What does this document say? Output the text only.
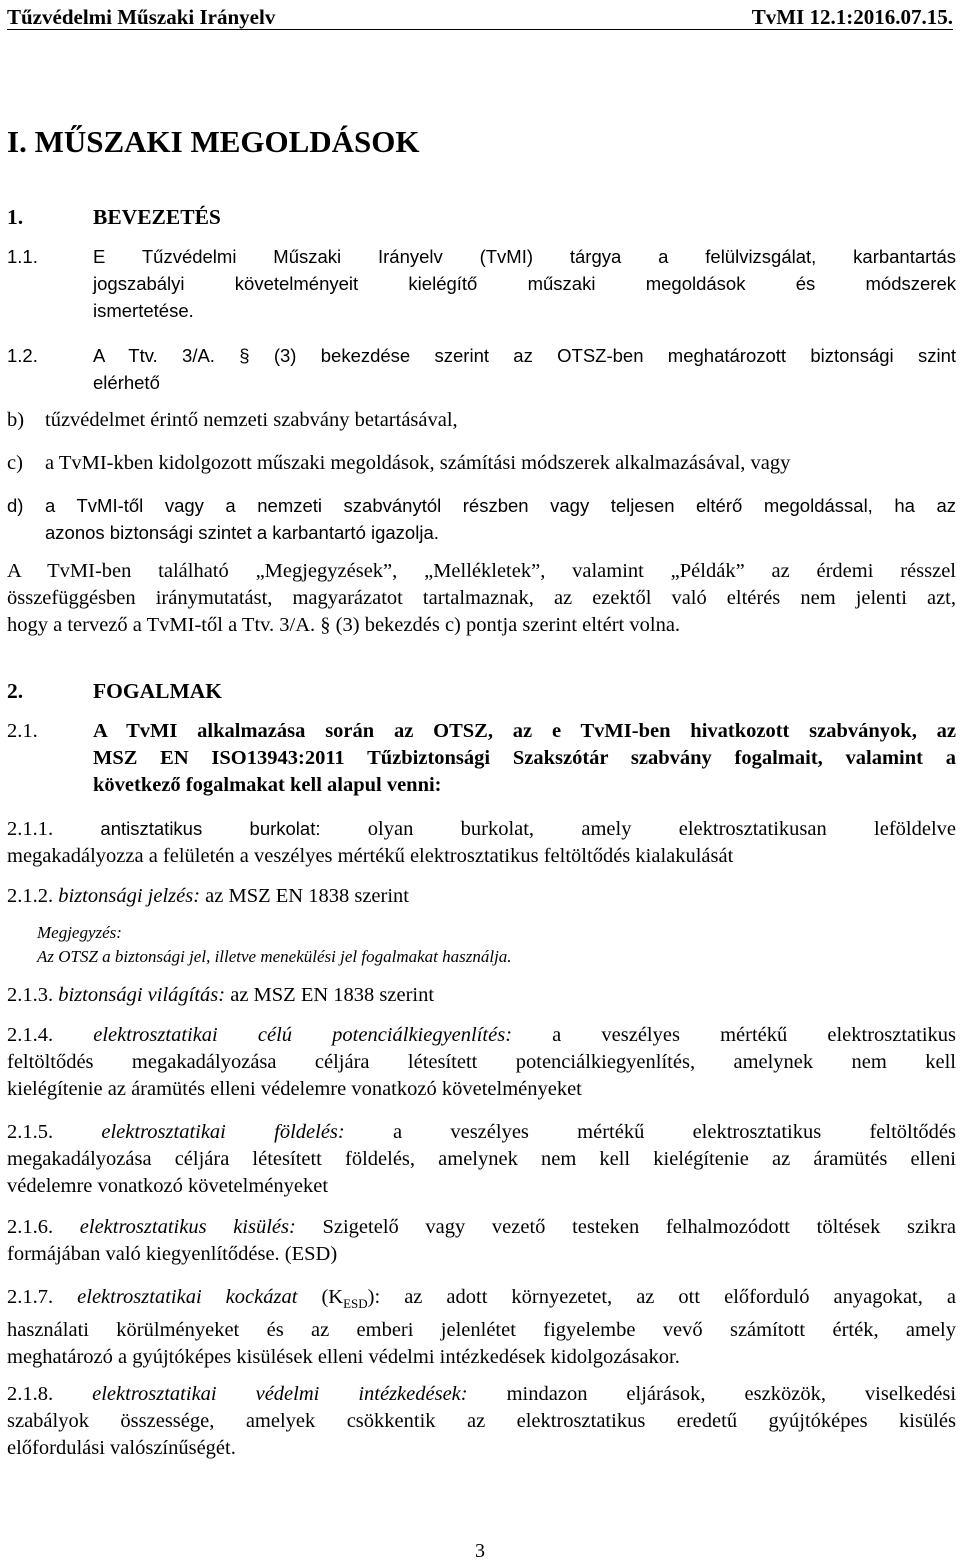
Tűzvédelmi Műszaki Irányelv	TvMI 12.1:2016.07.15.
I. MŰSZAKI MEGOLDÁSOK
1.	BEVEZETÉS
1.1.	E Tűzvédelmi Műszaki Irányelv (TvMI) tárgya a felülvizsgálat, karbantartás
jogszabályi követelményeit kielégítő műszaki megoldások és módszerek
ismertetése.
1.2.	A Ttv. 3/A. § (3) bekezdése szerint az OTSZ-ben meghatározott biztonsági szint
elérhető
b) tűzvédelmet érintő nemzeti szabvány betartásával,
c) a TvMI-kben kidolgozott műszaki megoldások, számítási módszerek alkalmazásával, vagy
d) a TvMI-től vagy a nemzeti szabványtól részben vagy teljesen eltérő megoldással, ha az
azonos biztonsági szintet a karbantartó igazolja.
A TvMI-ben található „Megjegyzések”, „Mellékletek”, valamint „Példák” az érdemi résszel
összefüggésben iránymutatást, magyarázatot tartalmaznak, az ezektől való eltérés nem jelenti azt,
hogy a tervező a TvMI-től a Ttv. 3/A. § (3) bekezdés c) pontja szerint eltért volna.
2.	FOGALMAK
2.1.	A TvMI alkalmazása során az OTSZ, az e TvMI-ben hivatkozott szabványok, az
MSZ EN ISO13943:2011 Tűzbiztonsági Szakszótár szabvány fogalmait, valamint a
következő fogalmakat kell alapul venni:
2.1.1.	antisztatikus burkolat: olyan burkolat, amely elektrosztatikusan leföldelve
megakadályozza a felületén a veszélyes mértékű elektrosztatikus feltöltődés kialakulását
2.1.2. biztonsági jelzés: az MSZ EN 1838 szerint
Megjegyzés:
Az OTSZ a biztonsági jel, illetve menekülési jel fogalmakat használja.
2.1.3. biztonsági világítás: az MSZ EN 1838 szerint
2.1.4. elektrosztatikai célú potenciálkiegyenlítés: a veszélyes mértékű elektrosztatikus
feltöltődés megakadályozása céljára létesített potenciálkiegyenlítés, amelynek nem kell
kielégítenie az áramütés elleni védelemre vonatkozó követelményeket
2.1.5. elektrosztatikai földelés: a veszélyes mértékű elektrosztatikus feltöltődés
megakadályozása céljára létesített földelés, amelynek nem kell kielégítenie az áramütés elleni
védelemre vonatkozó követelményeket
2.1.6. elektrosztatikus kisülés: Szigetelő vagy vezető testeken felhalmozódott töltések szikra
formájában való kiegyenlítődése. (ESD)
2.1.7. elektrosztatikai kockázat $(K_{ESD})$: az adott környezetet, az ott előforduló anyagokat, a
használati körülményeket és az emberi jelenlétet figyelembe vevő számított érték, amely
meghatározó a gyújtóképes kisülések elleni védelmi intézkedések kidolgozásakor.
2.1.8. elektrosztatikai védelmi intézkedések: mindazon eljárások, eszközök, viselkedési
szabályok összessége, amelyek csökkentik az elektrosztatikus eredetű gyújtóképes kisülés
előfordulási valószínűségét.
3
